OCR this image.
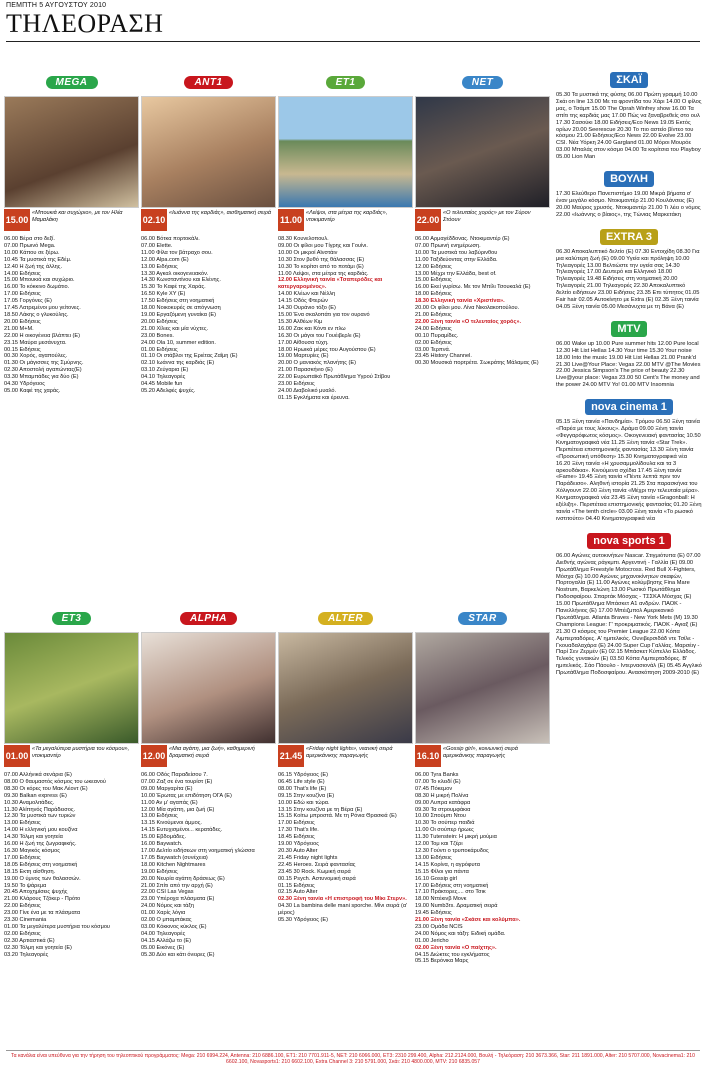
ΠΕΜΠΤΗ 5 ΑΥΓΟΥΣΤΟΥ 2010
ΤΗΛΕΟΡΑΣΗ
MEGA
15.00
«Μπουκιά και συχώριο», με τον Ηλία Μαμαλάκη
06.00 Βέρα στο δεξί.
07.00 Πρωινό Mega.
10.00 Κάπου σε ξέρω.
10.45 Τα μυστικά της Εδέμ.
12.40 Η ζωή της άλλης.
14.00 Ειδήσεις
15.00 Μπουκιά και συχώριο.
16.00 Το κόκκινο δωμάτιο.
17.00 Ειδήσεις
17.05 Γοργόνες (Ε)
17.45 Λατρεμένοι μου γείτονες.
18.50 Λάκης ο γλυκούλης.
20.00 Ειδήσεις
21.00 Μ+Μ.
22.00 Η οικογένεια βλάπτει (Ε)
23.15 Μαύρα μεσάνυχτα.
00.15 Ειδήσεις
00.30 Χορός, αγαπούλες.
01.30 Οι μάγισσες της Σμύρνης.
02.30 Αποστολή αγαπώντας(Ε)
03.30 Μπαμπάδες για δύο (Ε)
04.30 Υδρόγειος
05.00 Καφέ της χαράς.
ANT1
02.10
«Ιωάννα της καρδιάς», αισθηματική σειρά
06.00 Βότκα πορτοκάλι.
07.00 Elette.
11.00 Φίλα τον βάτραχο σου.
12.00 Αlpa.com (Ε)
13.00 Ειδήσεις
13.30 Αγκαλ οικογενειακόν.
14.30 Κωνσταντίνου και Ελένης.
15.30 Το Καφέ της Χαράς.
16.50 Kyle XY (Ε)
17.50 Ειδήσεις στη νοηματική
18.00 Νοικοκυρές σε απόγνωση
19.00 Εργαζόμενη γυναίκα (Ε)
20.00 Ειδήσεις
21.00 Χίλιες και μία νύχτες.
23.00 Bones.
24.00 Οla 10, summer edition.
01.00 Ειδήσεις
01.10 Οι στάβλοι της Εριέτας Ζαΐμη (Ε)
02.10 Ιωάννα της καρδιάς (Ε)
03.10 Ζεύγαρια (Ε)
04.10 Τηλεαγορές
04.45 Mobile fun
05.20 Αδελφές ψυχές.
ET1
11.00
«Λείψοι, στα μέτρα της καρδιάς», ντοκιμαντέρ
08.30 Κουνελοπουλ.
09.00 Οι φίλοι μου Τίγρης και Γουίνι.
10.00 Οι μικροί Αϊνστάιν
10.30 Στον βυθό της θάλασσας (Ε)
10.30 Το κορίτσι από το ποτάμι (Ε)
11.00 Λείψοι, στα μέτρα της καρδιάς.
12.00 Ελληνική ταινία «Τσαπερόδες και κατεργαρομένος».
14.00 Κλέων και Νέλλη
14.15 Οδός Φτερών
14.30 Ουράνιο τόξο (Ε)
15.00 Ένα σκαλοπάτι για τον ουρανό
15.30 Αλθέων Κιμ
16.00 Ζακ και Κόντι εν πλω
16.30 Οι μάγοι του Γουέιβερλι (Ε)
17.00 Αίθουσα τύχη.
18.00 Ηρωικά μέρες του Αυγούστου (Ε)
19.00 Μαρτυρίες (Ε)
20.00 Ο μανιακός πλανήτης (Ε)
21.00 Παρασκήνιο (Ε)
22.00 Ευρωπαϊκό Πρωτάθλημα Υγρού Στίβου
23.00 Ειδήσεις
24.00 Διαβολικό μυαλό.
01.15 Εγκλήματα και έρευνα.
NET
22.00
«Ο τελευταίος χορός» με τον Σύρον Στόουν
06.00 Αρμαγέδδονας. Ντοκιμαντέρ (Ε)
07.00 Πρωινή ενημέρωση.
10.00 Τα μυστικά του λαβύρινθου
11.00 Ταξιδεύοντας στην Ελλάδα.
12.00 Ειδήσεις
13.00 Μέχρι την Ελλάδα, best of.
15.00 Ειδήσεις
16.00 Εκεί γυρίσω. Με τον Μπίλι Τσουκαλά (Ε)
18.00 Ειδήσεις
18.30 Ελληνική ταινία «Χριστίνα».
20.00 Οι φίλοι μου. Λίνα Νικολακοπούλου.
21.00 Ειδήσεις
22.00 Ξένη ταινία «Ο τελευταίος χορός».
24.00 Ειδήσεις
00.10 Πυραμίδες.
02.00 Ειδήσεις
03.00 Τερπνά.
23.45 History Channel.
00.30 Μουσικά πορτρέτα. Σωκράτης Μάλαμας (Ε)
ET3
01.00
«Τα μεγαλύτερα μυστήρια του κόσμου», ντοκιμαντέρ
07.00 Αλλήνικά σενάρια (Ε)
08.00 Ο θαυμαστός κόσμος του ωκεανού
08.30 Οι κόρες του Μακ Λέοντ (Ε)
09.30 Balkan express (Ε)
10.30 Αναμολιτάδες.
11.30 Αλίπηνός Παράδεισος.
12.30 Τα μυστικά των τυριών
13.00 Ειδήσεις
14.00 Η ελληνική μου κουζίνα
14.30 Τόλμη και γοητεία
16.00 Η ζωή της ζωγραφικής.
16.30 Μαγικός κόσμος
17.00 Ειδήσεις
18.05 Ειδήσεις στη νοηματική
18.15 Εκτη αίσθηση.
19.00 Ο ύμνος των θαλασσών.
19.50 Το ψάρεμα
20.45 Αποχημίσεις ψυχής
21.00 Κλάρους Τζόκερ - Πρότο
22.00 Ειδήσεις
23.00 Γίνε ένα με τα πλάσματα
23.30 Cinemania
01.00 Τα μεγαλύτερα μυστήρια του κόσμου
02.00 Ειδήσεις
02.30 Αρτιαστικά (Ε)
02.30 Τόλμη και γοητεία (Ε)
03.20 Τηλεαγορές
ALPHA
12.00
«Μια αγάπη, μια ζωή», καθημερινή δραματική σειρά
06.00 Οδός Παραδείσου 7.
07.00 Ζαξ σε ένα τουρίστ (Ε)
09.00 Μαργαρίτα (Ε)
10.00 Έρωτας με επιδότηση ΟΓΑ (Ε)
11.00 Αν μ' αγαπάς (Ε)
12.00 Μία αγάπη, μια ζωή (Ε)
13.00 Ειδήσεις
13.15 Κινούμενοι άμμος.
14.15 Ευτυχισμένοι... κερατάδες.
15.00 Εβδομάδες.
16.00 Baywatch.
17.00 Δελτίο ειδήσεων στη νοηματική γλώσσα
17.05 Baywatch (συνέχεια)
18.00 Kitchen Nightmares
19.00 Ειδήσεις
20.00 Νευρία αγάπη δράσεως (Ε)
21.00 Σπίτι από την αρχή (Ε)
22.00 CSI Las Vegas
23.00 Υπέροχα πλάσματα (Ε)
24.00 Νόμος και τάξη
01.00 Χαρίς λόγια
02.00 Ο μπαμπάκας
03.00 Κόκκινος κύκλος (Ε)
04.00 Τηλεαγορές
04.15 Αλλάζω το (Ε)
05.00 Εικόνες (Ε)
05.30 Δύο και κάτι όνειρες (Ε)
ALTER
21.45
«Friday night lights», νεανική σειρά αμερικάνικης παραγωγής
06.15 Υδρόγειος (Ε)
06.45 Life style (Ε)
08.00 That's life (Ε)
09.15 Στην κουζίνα (Ε)
10.00 Εδώ και τώρα.
13.15 Στην κουζίνα με τη Βέρα (Ε)
15.15 Κοίτω μπροστά. Με τη Ρόνια Θρασκιά (Ε)
17.00 Ειδήσεις
17.30 That's life.
18.45 Ειδήσεις
19.00 Υδρόγειος
20.30 Auto Alter
21.45 Friday night lights
22.45 Heroes. Σειρά φαντασίας
23.45 30 Rock. Κωμική σειρά
00.15 Psych. Αστυνομική σειρά
01.15 Ειδήσεις
02.15 Auto Alter
02.30 Ξένη ταινία «Η επιστροφή του Μίκι Στερν».
04.30 La bambina delle mani sporche. Μίνι σειρά (α' μέρος)
05.30 Υδρόγειος (Ε)
STAR
16.10
«Gossip girl», κοινωνική σειρά αμερικάνικης παραγωγής
06.00 Tyra Banks
07.00 Το κλειδί (Ε)
07.45 Πόκεμον
08.30 Η μικρή Πολίνα
09.00 Λυπρα κατάφρα
09.30 Τα στρουμφάκια
10.00 Σπούμπι Ντου
10.30 Το σούπερ παιδιά
11.00 Οι σούπερ ήρωες
11.30 Tutenstein: Η μικρή μούμια
12.00 Τομ και Τζέρι
12.30 Γούντι ο τρυποκάρυδος
13.00 Ειδήσεις
14.15 Κορίνα, η αγρόφυτα
15.15 Φίλοι για πάντα
16.10 Gossip girl
17.00 Ειδήσεις στη νοηματική
17.10 Πράκτορες.... στο Τσικ
18.00 Νττέκινβ Μονκ
19.00 Numb3rs. Δραματική σειρά
19.45 Ειδήσεις
21.00 Ξένη ταινία «Σκάσε και κολύμπα».
23.00 Ομάδα NCIS
24.00 Νόμος και τάξη: Ειδική ομάδα.
01.00 Jericho
02.00 Ξένη ταινία «Ο παίχτης».
04.15 Διώκτες του εγκλήματος
05.15 Βερόνικα Μαρς
ΣΚΑΪ
05.30 Τα μυστικά της φύσης 06.00 Πρώτη γραμμή 10.00 Σκάι on line 13.00 Με τα φροντίδα του Χάρι 14.00 Ο φίλος μας, ο Τσάμπ 15.00 The Oprah Winfrey show 16.00 Τα σπίτι της καρδιάς μας 17.00 Πώς να ξαναβρεθείς στο ουλ 17.30 Σασούκι 18.00 Ειδήσεις/Eco News 19.05 Εκτός ορίων 20.00 Seerescue 20.30 Το πιο αστείο βίντεο του κόσμου 21.00 Ειδήσεις/Eco News 22.00 Evolve 23.00 CSI. Νέα Υόρκη 24.00 Gargland 01.00 Μόροι Μουρόε 03.00 Μπαλάς στον κόσμο 04.00 Τα κορίτσια του Playboy 05.00 Lion Man
ΒΟΥΛΗ
17.30 Ελεύθερο Πανεπιστήμιο 19.00 Μικρά βήματα σ' έναν μεγάλο κόσμο. Ντοκιμαντέρ 21.00 Κουλάνσεις (Ε) 20.00 Μαύρος χρυσός. Ντοκιμαντέρ 21.00 Τι λέει ο νόμος 22.00 «Ιωάννης ο βίαιος», της Τώνιας Μαρκετάκη
EXTRA 3
06.30 Αποκαλυπτικό δελτίο (Ε) 07.30 Εντοιχίδη 08.30 Για μια καλύτερη ζωή (Ε) 09.00 Υγεία και πρόληψη 10.00 Τηλεαγορές 13.00 Βελτιώστε την υγεία σας 14.30 Τηλεαγορές 17.00 Δευτερό και Ελληνικό 18.00 Τηλεαγορές 19.48 Ειδήσεις στη νοηματική 20.00 Τηλεαγορές 21.00 Τηλεαγορές 22.30 Αποκαλυπτικό δελτίο ειδήσεων 23.00 Ειδήσεις 23.35 Επι τύπητος 01.05 Fair hair 02.05 Αυτοκίνητο με Extra (Ε) 02.35 Ξένη ταινία 04.05 Ξένη ταινία 05.00 Μεσάνυχτα με τη Βάνα (Ε)
MTV
06.00 Wake up 10.00 Pure summer hits 12.00 Pure local 12.30 Hit List Hellas 14.30 Your time 15.30 Your noise 18.00 Into the music 19.00 Hit List Hellas 21.00 Prank'd 21.30 Live@Your Place: Vegas 22.00 MTV @The Movies 22.00 Jessica Simpson's The price of beauty 22.30 Live@your place: Vegas 23.00 50 Cent's The money and the power 24.00 MTV Yo! 01.00 MTV Insomnia
nova cinema 1
05.15 Ξένη ταινία «Πανδημία». Τρόμου 06.50 Ξένη ταινία «Παρέα με τους λύκους». Δράμα 09.00 Ξένη ταινία «Φεγγαρόφωτος κόσμος». Οικογενειακή φαντασίας 10.50 Κινηματογραφικά νέα 11.25 Ξένη ταινία «Star Trek». Περιπέτεια επιστημονικής φαντασίας 13.30 Ξένη ταινία «Προσωπική υπόθεση» 15.30 Κινηματογραφικά νέα 16.20 Ξένη ταινία «Η χρυσαμμολίδουλα και τα 3 αρκουδάκια». Κινούμενα σχέδια 17.45 Ξένη ταινία «Fame» 19.45 Ξένη ταινία «Πέντε λεπτά πριν τον Παράδεισο». Αληθινή ιστορία 21.25 Στα παρασκήνια του Χόλιγουντ 22.00 Ξένη ταινία «Μέχρι την τελευταία μέρα». Κινηματογραφικά νέα 23.45 Ξένη ταινία «Gragonball: Η εξέλιξη». Περιπέτεια επιστημονικής φαντασίας 01.20 Ξένη ταινία «The tenth circle» 03.00 Ξένη ταινία «Το ρωσικό ινστιτούτο» 04.40 Κινηματογραφικά νέα
nova sports 1
06.00 Αγώνες αυτοκινήτων Nascar. Στιγμιότυπα (Ε) 07.00 Διεθνής αγώνας ράγκμπι. Αργεντινή - Γαλλία (Ε) 09.00 Πρωτάθλημα Freestyle Motocross. Red Bull X-Fighters, Μόσχα (Ε) 10.00 Αγώνες μηχανοκίνητων σκαφών, Πορτογαλία (Ε) 11.00 Αγώνες κολύμβησης Fina Mare Nostrum, Βαρκελώνη 13.00 Ρωσικό Πρωτάθλημα Ποδοσφαίρου. Σπαρτάκ Μόσχας - ΤΣΣΚΑ Μόσχας (Ε) 15.00 Πρωτάθλημα Μπάσκετ Α1 ανδρών. ΠΑΟΚ - Πανελλήνιος (Ε) 17.00 Μπέιζμπολ Αμερικανικό Πρωτάθλημα. Atlanta Braves - New York Mets (Μ) 19.30 Champions League: Γ' προκριματικός. ΠΑΟΚ - Αγιαξ (Ε) 21.30 Ο κόσμος του Premier League 22.00 Κόπα Λιμπερταδόρες. Α' ημιτελικός. Ουνιβερσιδάδ ντε Τσίλε - Γκουαδαλαχάρα (Ε) 24.00 Super Cup Γαλλίας. Μαρσέιγ - Παρί Σεν Ζερμέν (Ε) 02.15 Μπάσκετ Κύπελλο Ελλάδος. Τελικός γυναικών (Ε) 03.50 Κόπα Λιμπερταδόρες. Β' ημιτελικός. Σάο Πάουλο - Ιντερνασιονάλ (Ε) 05.45 Αγγλικό Πρωτάθλημα Ποδοσφαίρου. Ανασκόπηση 2009-2010 (Ε)
Τα κανάλια είναι υπεύθυνα για την τήρηση του τηλεοπτικού προγράμματος: Mega: 210 6994.224, Antenna: 210 6886.100, ΕΤ1: 210 7701.911-5, ΝΕΤ: 210 6066.000, ΕΤ3: 2310 299.400, Alpha: 212.2124.000, Βουλή - Τηλεόραση: 210 3673.366, Star: 211 1891.000, Alter: 210 5707.000, Novacinema1: 210 6602.100, Novasports1: 210 6602.100, Extra Channel 3: 210 5791.000, Σκάι: 210 4800.000, MTV: 210 6835.057
